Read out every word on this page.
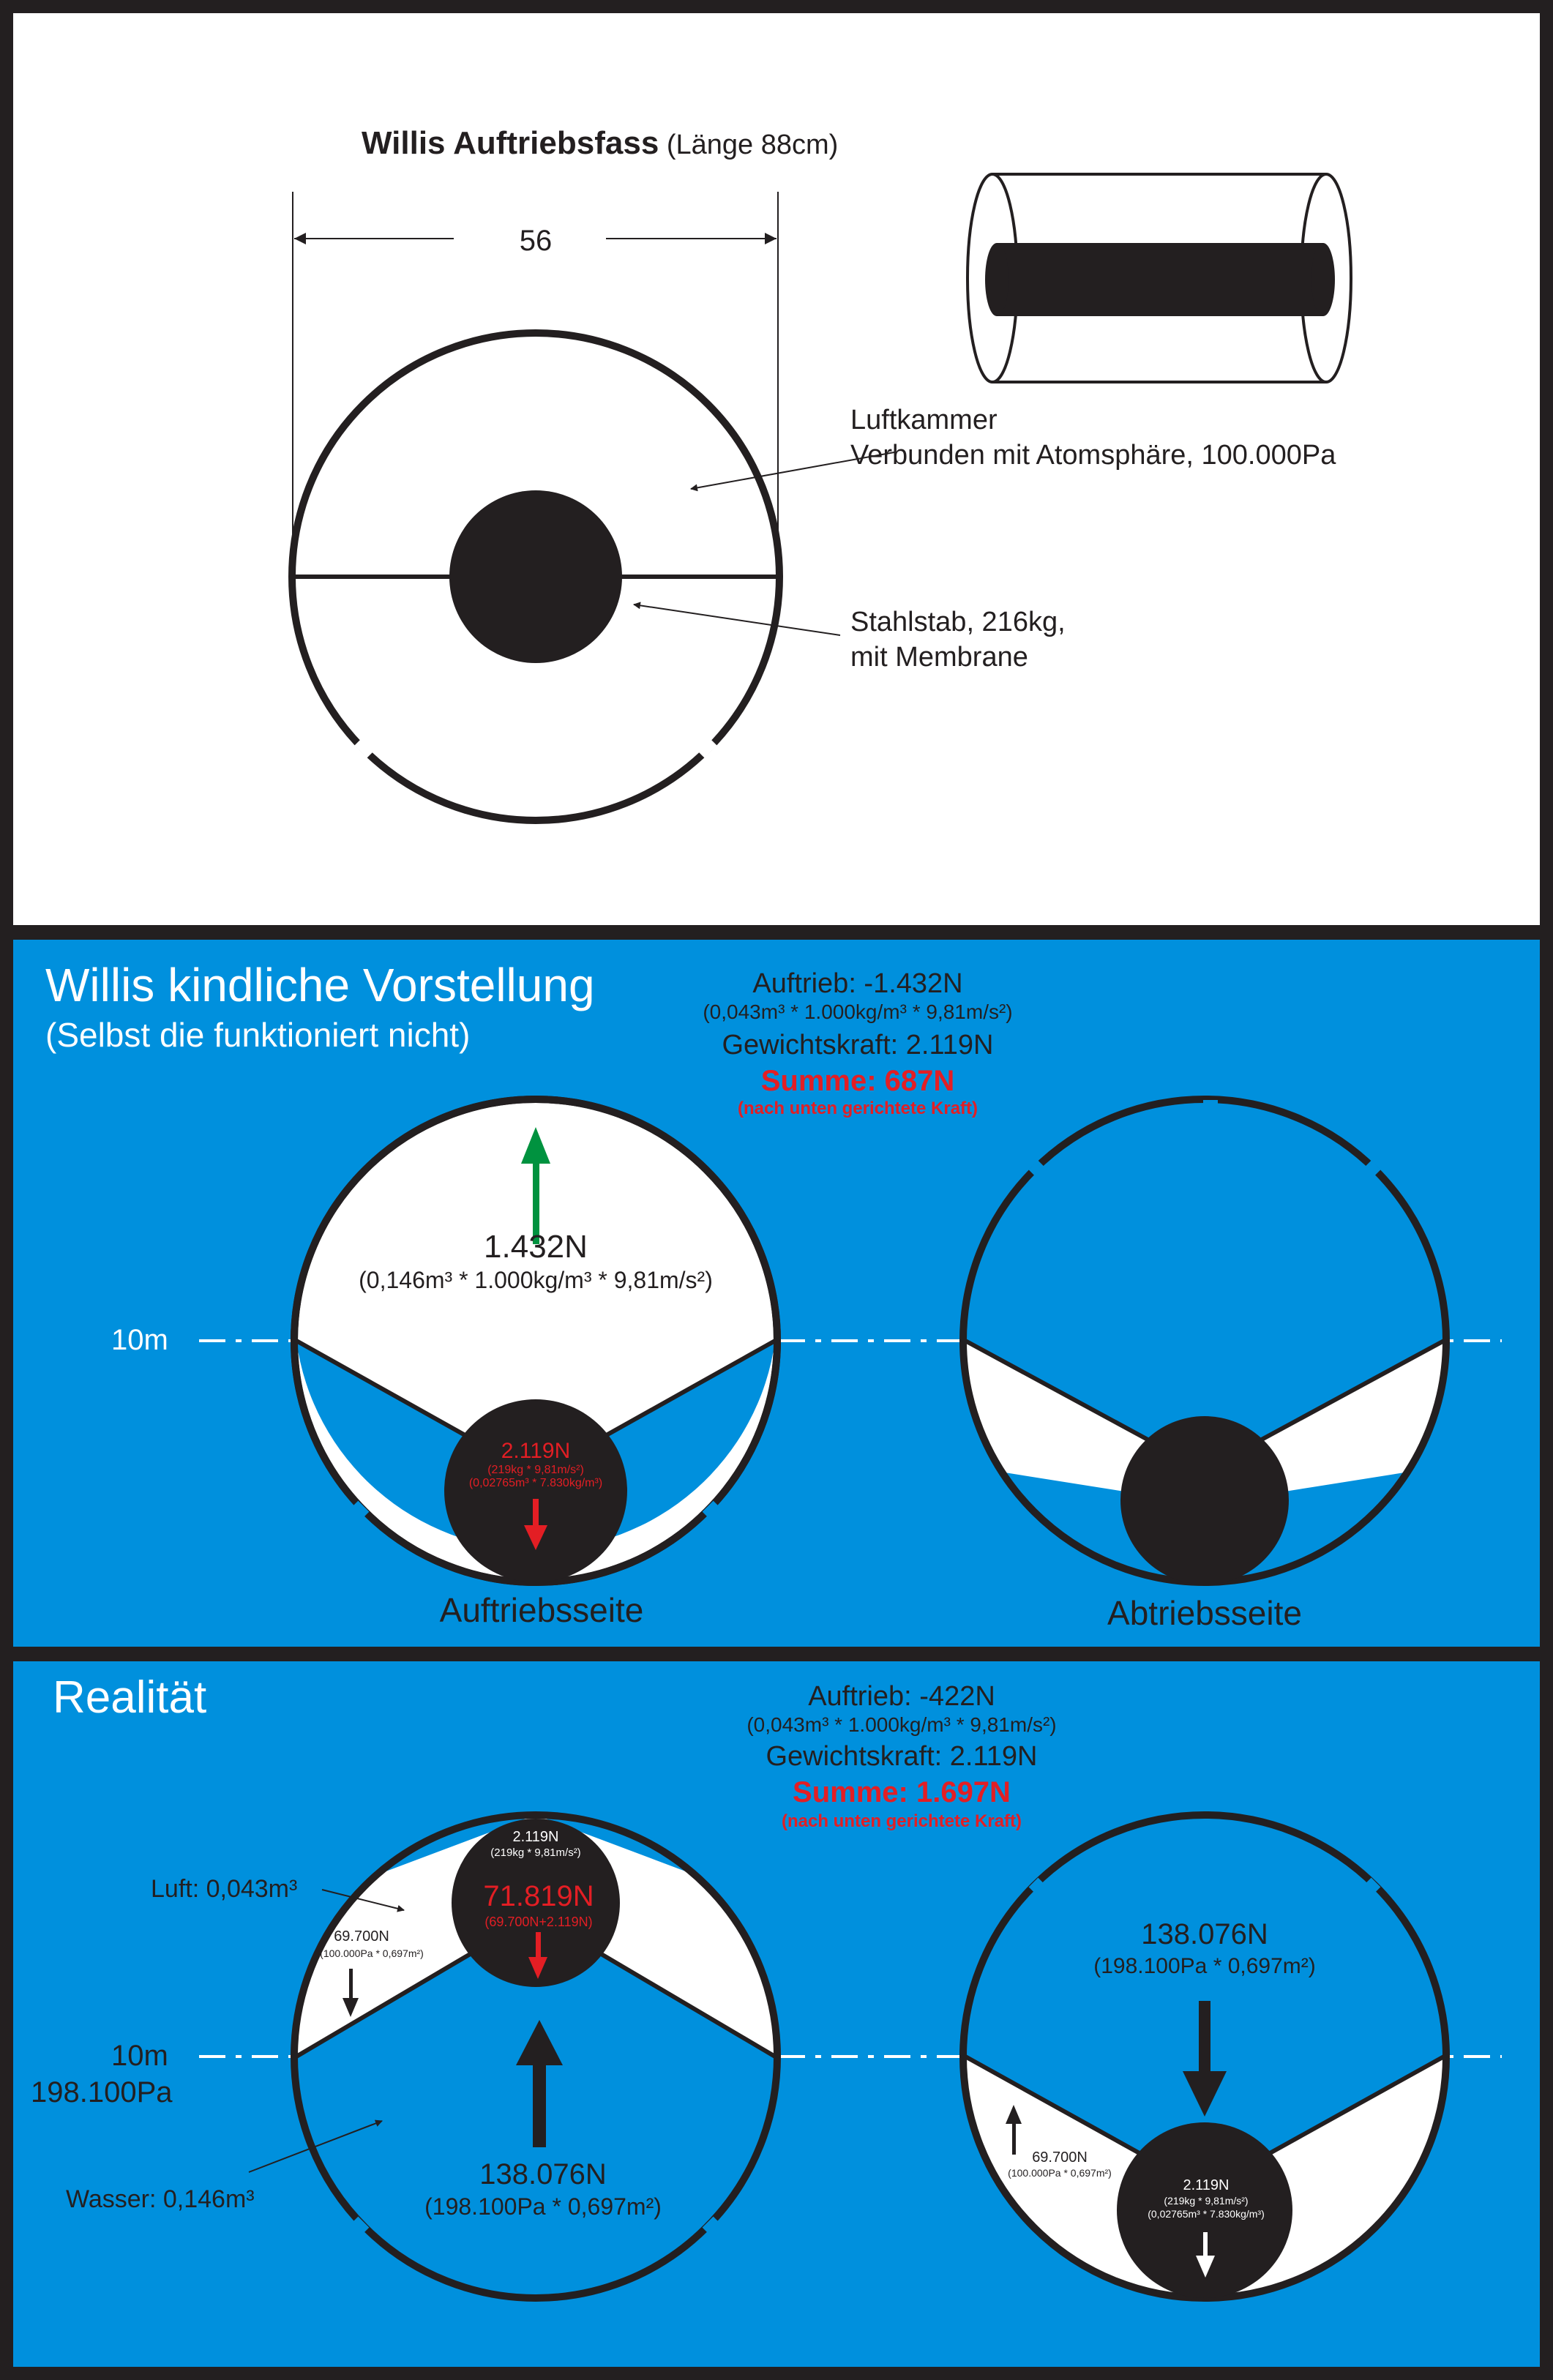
Willis Auftriebsfass (Länge 88cm)
56
Luftkammer
Verbunden mit Atomsphäre, 100.000Pa
Stahlstab, 216kg,
mit Membrane
Willis kindliche Vorstellung
(Selbst die funktioniert nicht)
Auftrieb: -1.432N
(0,043m³ * 1.000kg/m³ * 9,81m/s²)
Gewichtskraft: 2.119N
Summe: 687N
(nach unten gerichtete Kraft)
10m
1.432N
(0,146m³ * 1.000kg/m³ * 9,81m/s²)
2.119N
(219kg * 9,81m/s²)
(0,02765m³ * 7.830kg/m³)
Auftriebsseite	Abtriebsseite
Realität	Auftrieb: -422N
(0,043m³ * 1.000kg/m³ * 9,81m/s²)
Gewichtskraft: 2.119N
Summe: 1.697N
(nach unten gerichtete Kraft)
10m
198.100Pa
2.119N
(219kg * 9,81m/s²)
71.819N
(69.700N+2.119N)
Luft: 0,043m³
69.700N
(100.000Pa * 0,697m²)
138.076N
(198.100Pa * 0,697m²)
Wasser: 0,146m³
138.076N
(198.100Pa * 0,697m²)
69.700N
(100.000Pa * 0,697m²)
2.119N
(219kg * 9,81m/s²)
(0,02765m³ * 7.830kg/m³)
